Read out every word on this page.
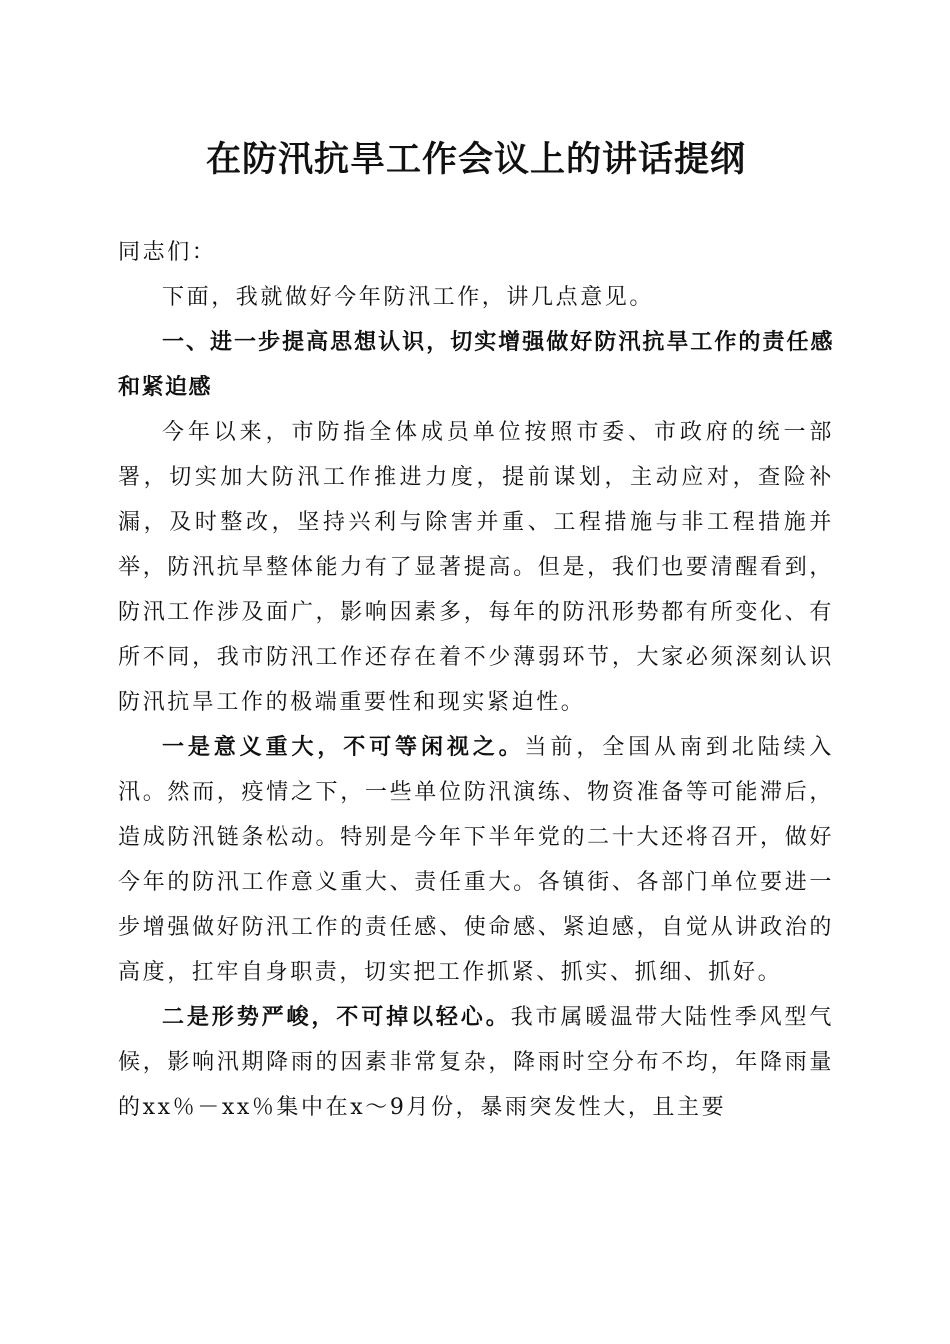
在防汛抗旱工作会议上的讲话提纲

同志们：

下面，我就做好今年防汛工作，讲几点意见。

一、进一步提高思想认识，切实增强做好防汛抗旱工作的责任感和紧迫感

今年以来，市防指全体成员单位按照市委、市政府的统一部署，切实加大防汛工作推进力度，提前谋划，主动应对，查险补漏，及时整改，坚持兴利与除害并重、工程措施与非工程措施并举，防汛抗旱整体能力有了显著提高。但是，我们也要清醒看到，防汛工作涉及面广，影响因素多，每年的防汛形势都有所变化、有所不同，我市防汛工作还存在着不少薄弱环节，大家必须深刻认识防汛抗旱工作的极端重要性和现实紧迫性。

一是意义重大，不可等闲视之。当前，全国从南到北陆续入汛。然而，疫情之下，一些单位防汛演练、物资准备等可能滞后，造成防汛链条松动。特别是今年下半年党的二十大还将召开，做好今年的防汛工作意义重大、责任重大。各镇街、各部门单位要进一步增强做好防汛工作的责任感、使命感、紧迫感，自觉从讲政治的高度，扛牢自身职责，切实把工作抓紧、抓实、抓细、抓好。

二是形势严峻，不可掉以轻心。我市属暖温带大陆性季风型气候，影响汛期降雨的因素非常复杂，降雨时空分布不均，年降雨量的xx％－xx％集中在x～9月份，暴雨突发性大，且主要
